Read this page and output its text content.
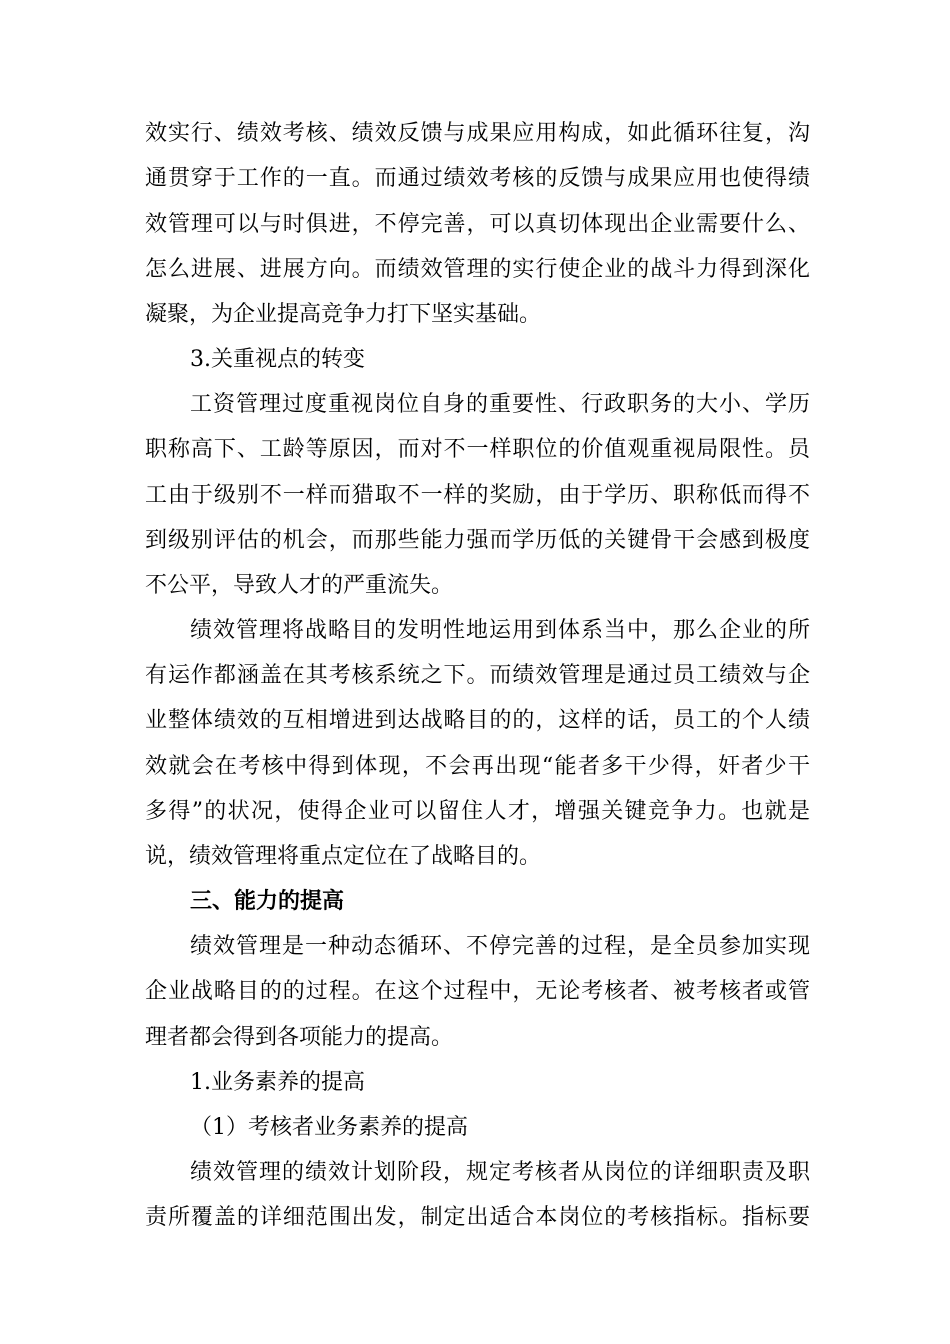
效实行、绩效考核、绩效反馈与成果应用构成，如此循环往复，沟
通贯穿于工作的一直。而通过绩效考核的反馈与成果应用也使得绩
效管理可以与时俱进，不停完善，可以真切体现出企业需要什么、
怎么进展、进展方向。而绩效管理的实行使企业的战斗力得到深化
凝聚，为企业提高竞争力打下坚实基础。
3.关重视点的转变
工资管理过度重视岗位自身的重要性、行政职务的大小、学历
职称高下、工龄等原因，而对不一样职位的价值观重视局限性。员
工由于级别不一样而猎取不一样的奖励，由于学历、职称低而得不
到级别评估的机会，而那些能力强而学历低的关键骨干会感到极度
不公平，导致人才的严重流失。
绩效管理将战略目的发明性地运用到体系当中，那么企业的所
有运作都涵盖在其考核系统之下。而绩效管理是通过员工绩效与企
业整体绩效的互相增进到达战略目的的，这样的话，员工的个人绩
效就会在考核中得到体现，不会再出现“能者多干少得，奸者少干
多得”的状况，使得企业可以留住人才，增强关键竞争力。也就是
说，绩效管理将重点定位在了战略目的。
三、能力的提高
绩效管理是一种动态循环、不停完善的过程，是全员参加实现
企业战略目的的过程。在这个过程中，无论考核者、被考核者或管
理者都会得到各项能力的提高。
1.业务素养的提高
（1）考核者业务素养的提高
绩效管理的绩效计划阶段，规定考核者从岗位的详细职责及职
责所覆盖的详细范围出发，制定出适合本岗位的考核指标。指标要
